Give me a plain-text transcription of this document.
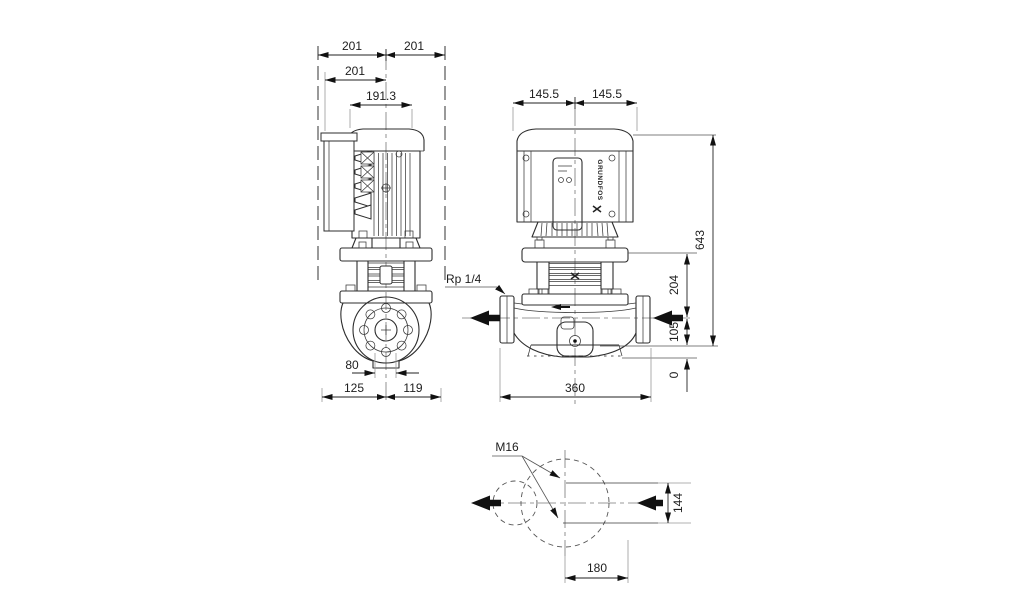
201	201
201
191.3
80
125	119
GRUNDFOS
Rp 1/4
145.5	145.5
643
204
105
0
360
M16
144
180
